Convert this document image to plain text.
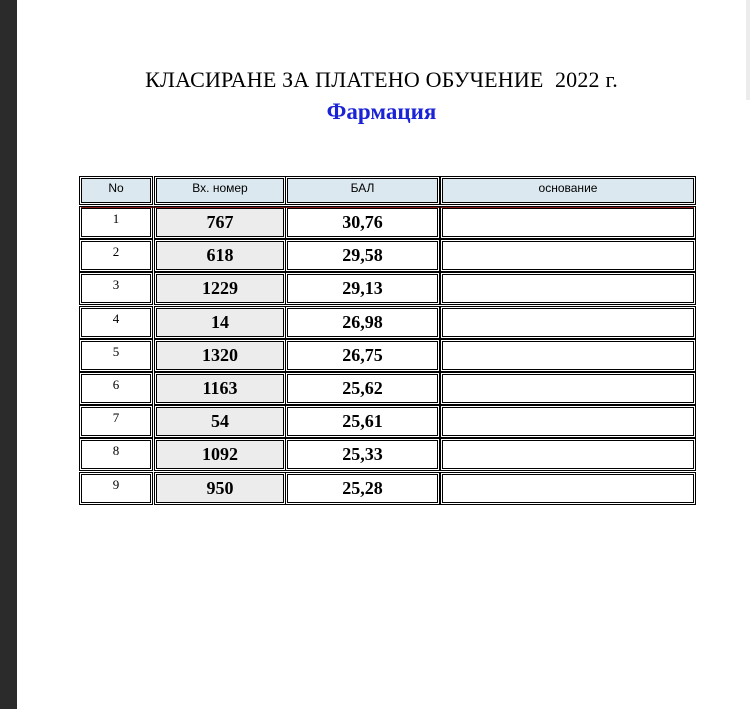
КЛАСИРАНЕ ЗА ПЛАТЕНО ОБУЧЕНИЕ  2022 г.
Фармация
No	Вх. номер	БАЛ	основание
1	767	30,76
2	618	29,58
3	1229	29,13
4	14	26,98
5	1320	26,75
6	1163	25,62
7	54	25,61
8	1092	25,33
9	950	25,28
